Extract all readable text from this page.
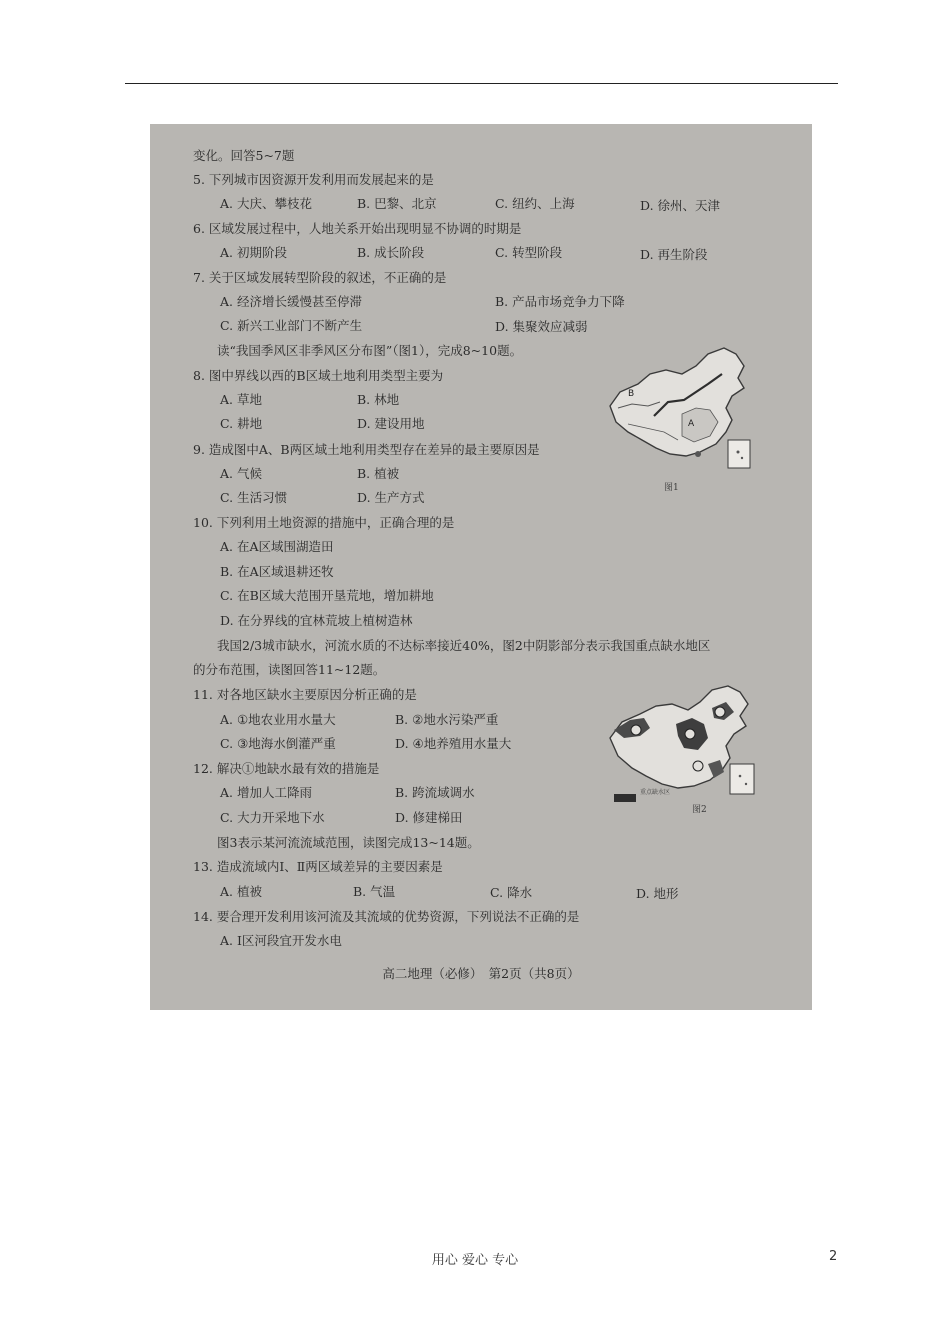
变化。回答5~7题
5. 下列城市因资源开发利用而发展起来的是
A. 大庆、攀枝花	B. 巴黎、北京	C. 纽约、上海	D. 徐州、天津
6. 区域发展过程中，人地关系开始出现明显不协调的时期是
A. 初期阶段	B. 成长阶段	C. 转型阶段	D. 再生阶段
7. 关于区域发展转型阶段的叙述，不正确的是
A. 经济增长缓慢甚至停滞	B. 产品市场竞争力下降
C. 新兴工业部门不断产生	D. 集聚效应减弱
读“我国季风区非季风区分布图”（图1），完成8~10题。
8. 图中界线以西的B区域土地利用类型主要为
A. 草地	B. 林地
C. 耕地	D. 建设用地
B
A
图1
9. 造成图中A、B两区域土地利用类型存在差异的最主要原因是
A. 气候	B. 植被
C. 生活习惯	D. 生产方式
10. 下列利用土地资源的措施中，正确合理的是
A. 在A区域围湖造田
B. 在A区域退耕还牧
C. 在B区域大范围开垦荒地，增加耕地
D. 在分界线的宜林荒坡上植树造林
我国2/3城市缺水，河流水质的不达标率接近40%，图2中阴影部分表示我国重点缺水地区
的分布范围，读图回答11~12题。
11. 对各地区缺水主要原因分析正确的是
A. ①地农业用水量大	B. ②地水污染严重
C. ③地海水倒灌严重	D. ④地养殖用水量大
重点缺水区
图2
12. 解决①地缺水最有效的措施是
A. 增加人工降雨	B. 跨流域调水
C. 大力开采地下水	D. 修建梯田
图3表示某河流流域范围，读图完成13~14题。
13. 造成流域内Ⅰ、Ⅱ两区域差异的主要因素是
A. 植被	B. 气温	C. 降水	D. 地形
14. 要合理开发利用该河流及其流域的优势资源，下列说法不正确的是
A. Ⅰ区河段宜开发水电
高二地理（必修）　第2页（共8页）
用心 爱心 专心	2
